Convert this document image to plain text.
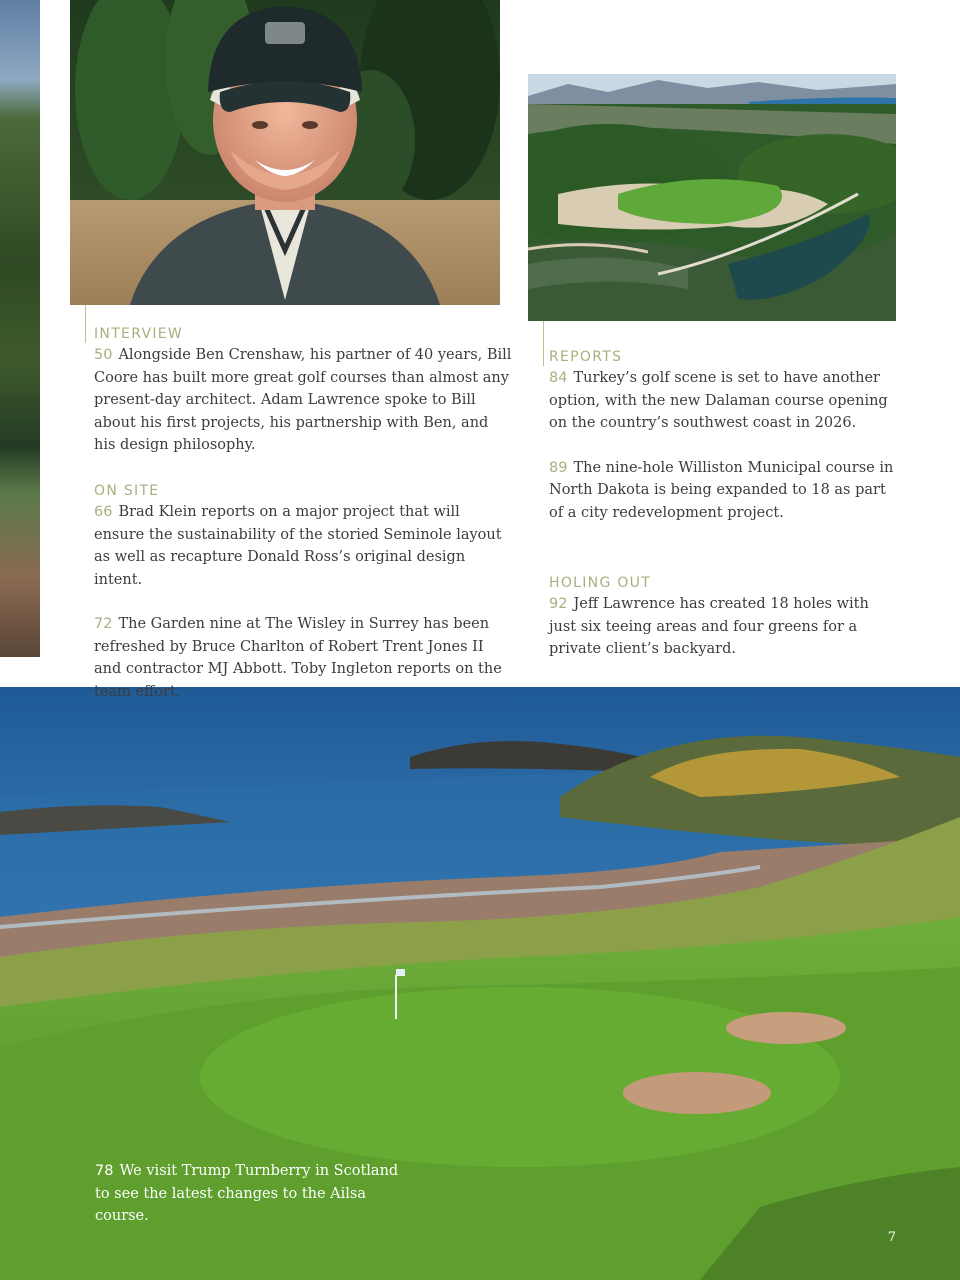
INTERVIEW

50 Alongside Ben Crenshaw, his partner of 40 years, Bill Coore has built more great golf courses than almost any present-day architect. Adam Lawrence spoke to Bill about his first projects, his partnership with Ben, and his design philosophy.

ON SITE

66 Brad Klein reports on a major project that will ensure the sustainability of the storied Seminole layout as well as recapture Donald Ross’s original design intent.

72 The Garden nine at The Wisley in Surrey has been refreshed by Bruce Charlton of Robert Trent Jones II and contractor MJ Abbott. Toby Ingleton reports on the team effort.

REPORTS

84 Turkey’s golf scene is set to have another option, with the new Dalaman course opening on the country’s southwest coast in 2026.

89 The nine-hole Williston Municipal course in North Dakota is being expanded to 18 as part of a city redevelopment project.

HOLING OUT

92 Jeff Lawrence has created 18 holes with just six teeing areas and four greens for a private client’s backyard.

78 We visit Trump Turnberry in Scotland to see the latest changes to the Ailsa course.

7
